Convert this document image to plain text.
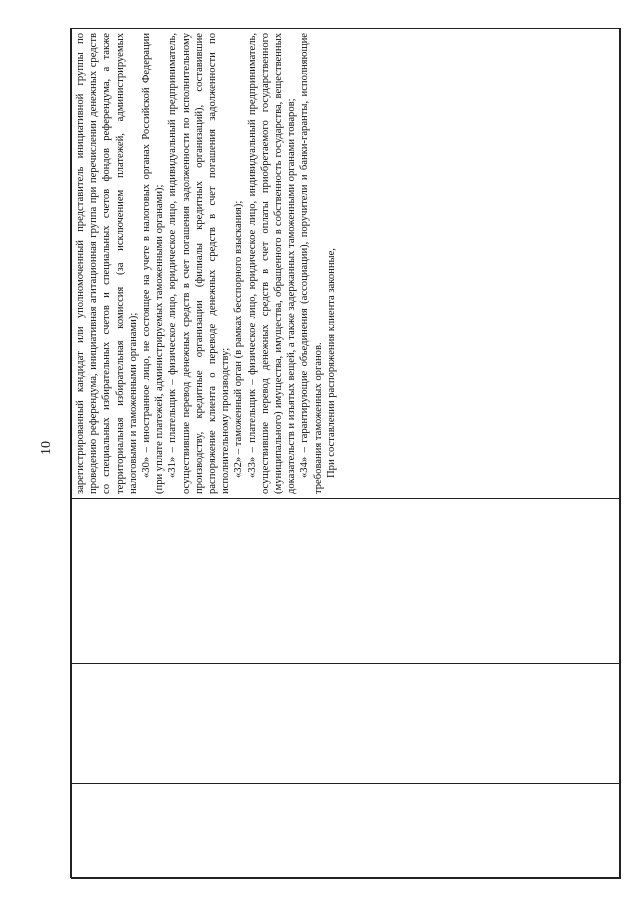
10
			зарегистрированный кандидат или уполномоченный представитель инициативной группы по проведению референдума, инициативная агитационная группа при перечислении денежных средств со специальных избирательных счетов и специальных счетов фондов референдума, а также территориальная избирательная комиссия (за исключением платежей, администрируемых налоговыми и таможенными органами); «30» – иностранное лицо, не состоящее на учете в налоговых органах Российской Федерации (при уплате платежей, администрируемых таможенными органами); «31» – плательщик – физическое лицо, юридическое лицо, индивидуальный предприниматель, осуществившие перевод денежных средств в счет погашения задолженности по исполнительному производству, кредитные организации (филиалы кредитных организаций), составившие распоряжение клиента о переводе денежных средств в счет погашения задолженности по исполнительному производству; «32» – таможенный орган (в рамках бесспорного взыскания); «33» – плательщик – физическое лицо, юридическое лицо, индивидуальный предприниматель, осуществившие перевод денежных средств в счет оплаты приобретаемого государственного (муниципального) имущества, имущества, обращенного в собственность государства, вещественных доказательств и изъятых вещей, а также задержанных таможенными органами товаров; «34» – гарантирующие объединения (ассоциации), поручители и банки-гаранты, исполняющие требования таможенных органов. При составлении распоряжения клиента законные,
